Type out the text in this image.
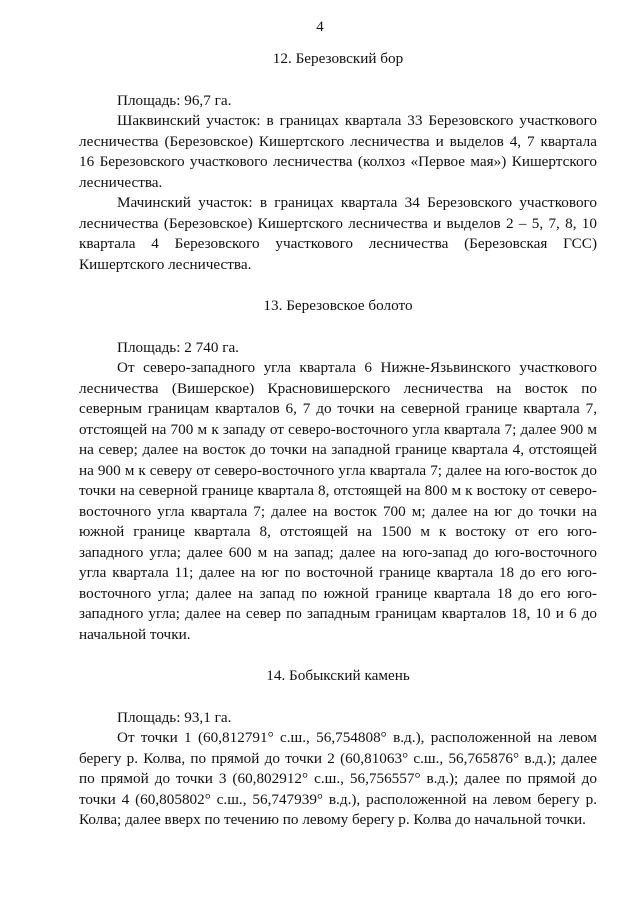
4

12. Березовский бор

Площадь: 96,7 га.

Шаквинский участок: в границах квартала 33 Березовского участкового лесничества (Березовское) Кишертского лесничества и выделов 4, 7 квартала 16 Березовского участкового лесничества (колхоз «Первое мая») Кишертского лесничества.

Мачинский участок: в границах квартала 34 Березовского участкового лесничества (Березовское) Кишертского лесничества и выделов 2 – 5, 7, 8, 10 квартала 4 Березовского участкового лесничества (Березовская ГСС) Кишертского лесничества.

13. Березовское болото

Площадь: 2 740 га.

От северо-западного угла квартала 6 Нижне-Язьвинского участкового лесничества (Вишерское) Красновишерского лесничества на восток по северным границам кварталов 6, 7 до точки на северной границе квартала 7, отстоящей на 700 м к западу от северо-восточного угла квартала 7; далее 900 м на север; далее на восток до точки на западной границе квартала 4, отстоящей на 900 м к северу от северо-восточного угла квартала 7; далее на юго-восток до точки на северной границе квартала 8, отстоящей на 800 м к востоку от северо-восточного угла квартала 7; далее на восток 700 м; далее на юг до точки на южной границе квартала 8, отстоящей на 1500 м к востоку от его юго-западного угла; далее 600 м на запад; далее на юго-запад до юго-восточного угла квартала 11; далее на юг по восточной границе квартала 18 до его юго-восточного угла; далее на запад по южной границе квартала 18 до его юго-западного угла; далее на север по западным границам кварталов 18, 10 и 6 до начальной точки.

14. Бобыкский камень

Площадь: 93,1 га.

От точки 1 (60,812791° с.ш., 56,754808° в.д.), расположенной на левом берегу р. Колва, по прямой до точки 2 (60,81063° с.ш., 56,765876° в.д.); далее по прямой до точки 3 (60,802912° с.ш., 56,756557° в.д.); далее по прямой до точки 4 (60,805802° с.ш., 56,747939° в.д.), расположенной на левом берегу р. Колва; далее вверх по течению по левому берегу р. Колва до начальной точки.
